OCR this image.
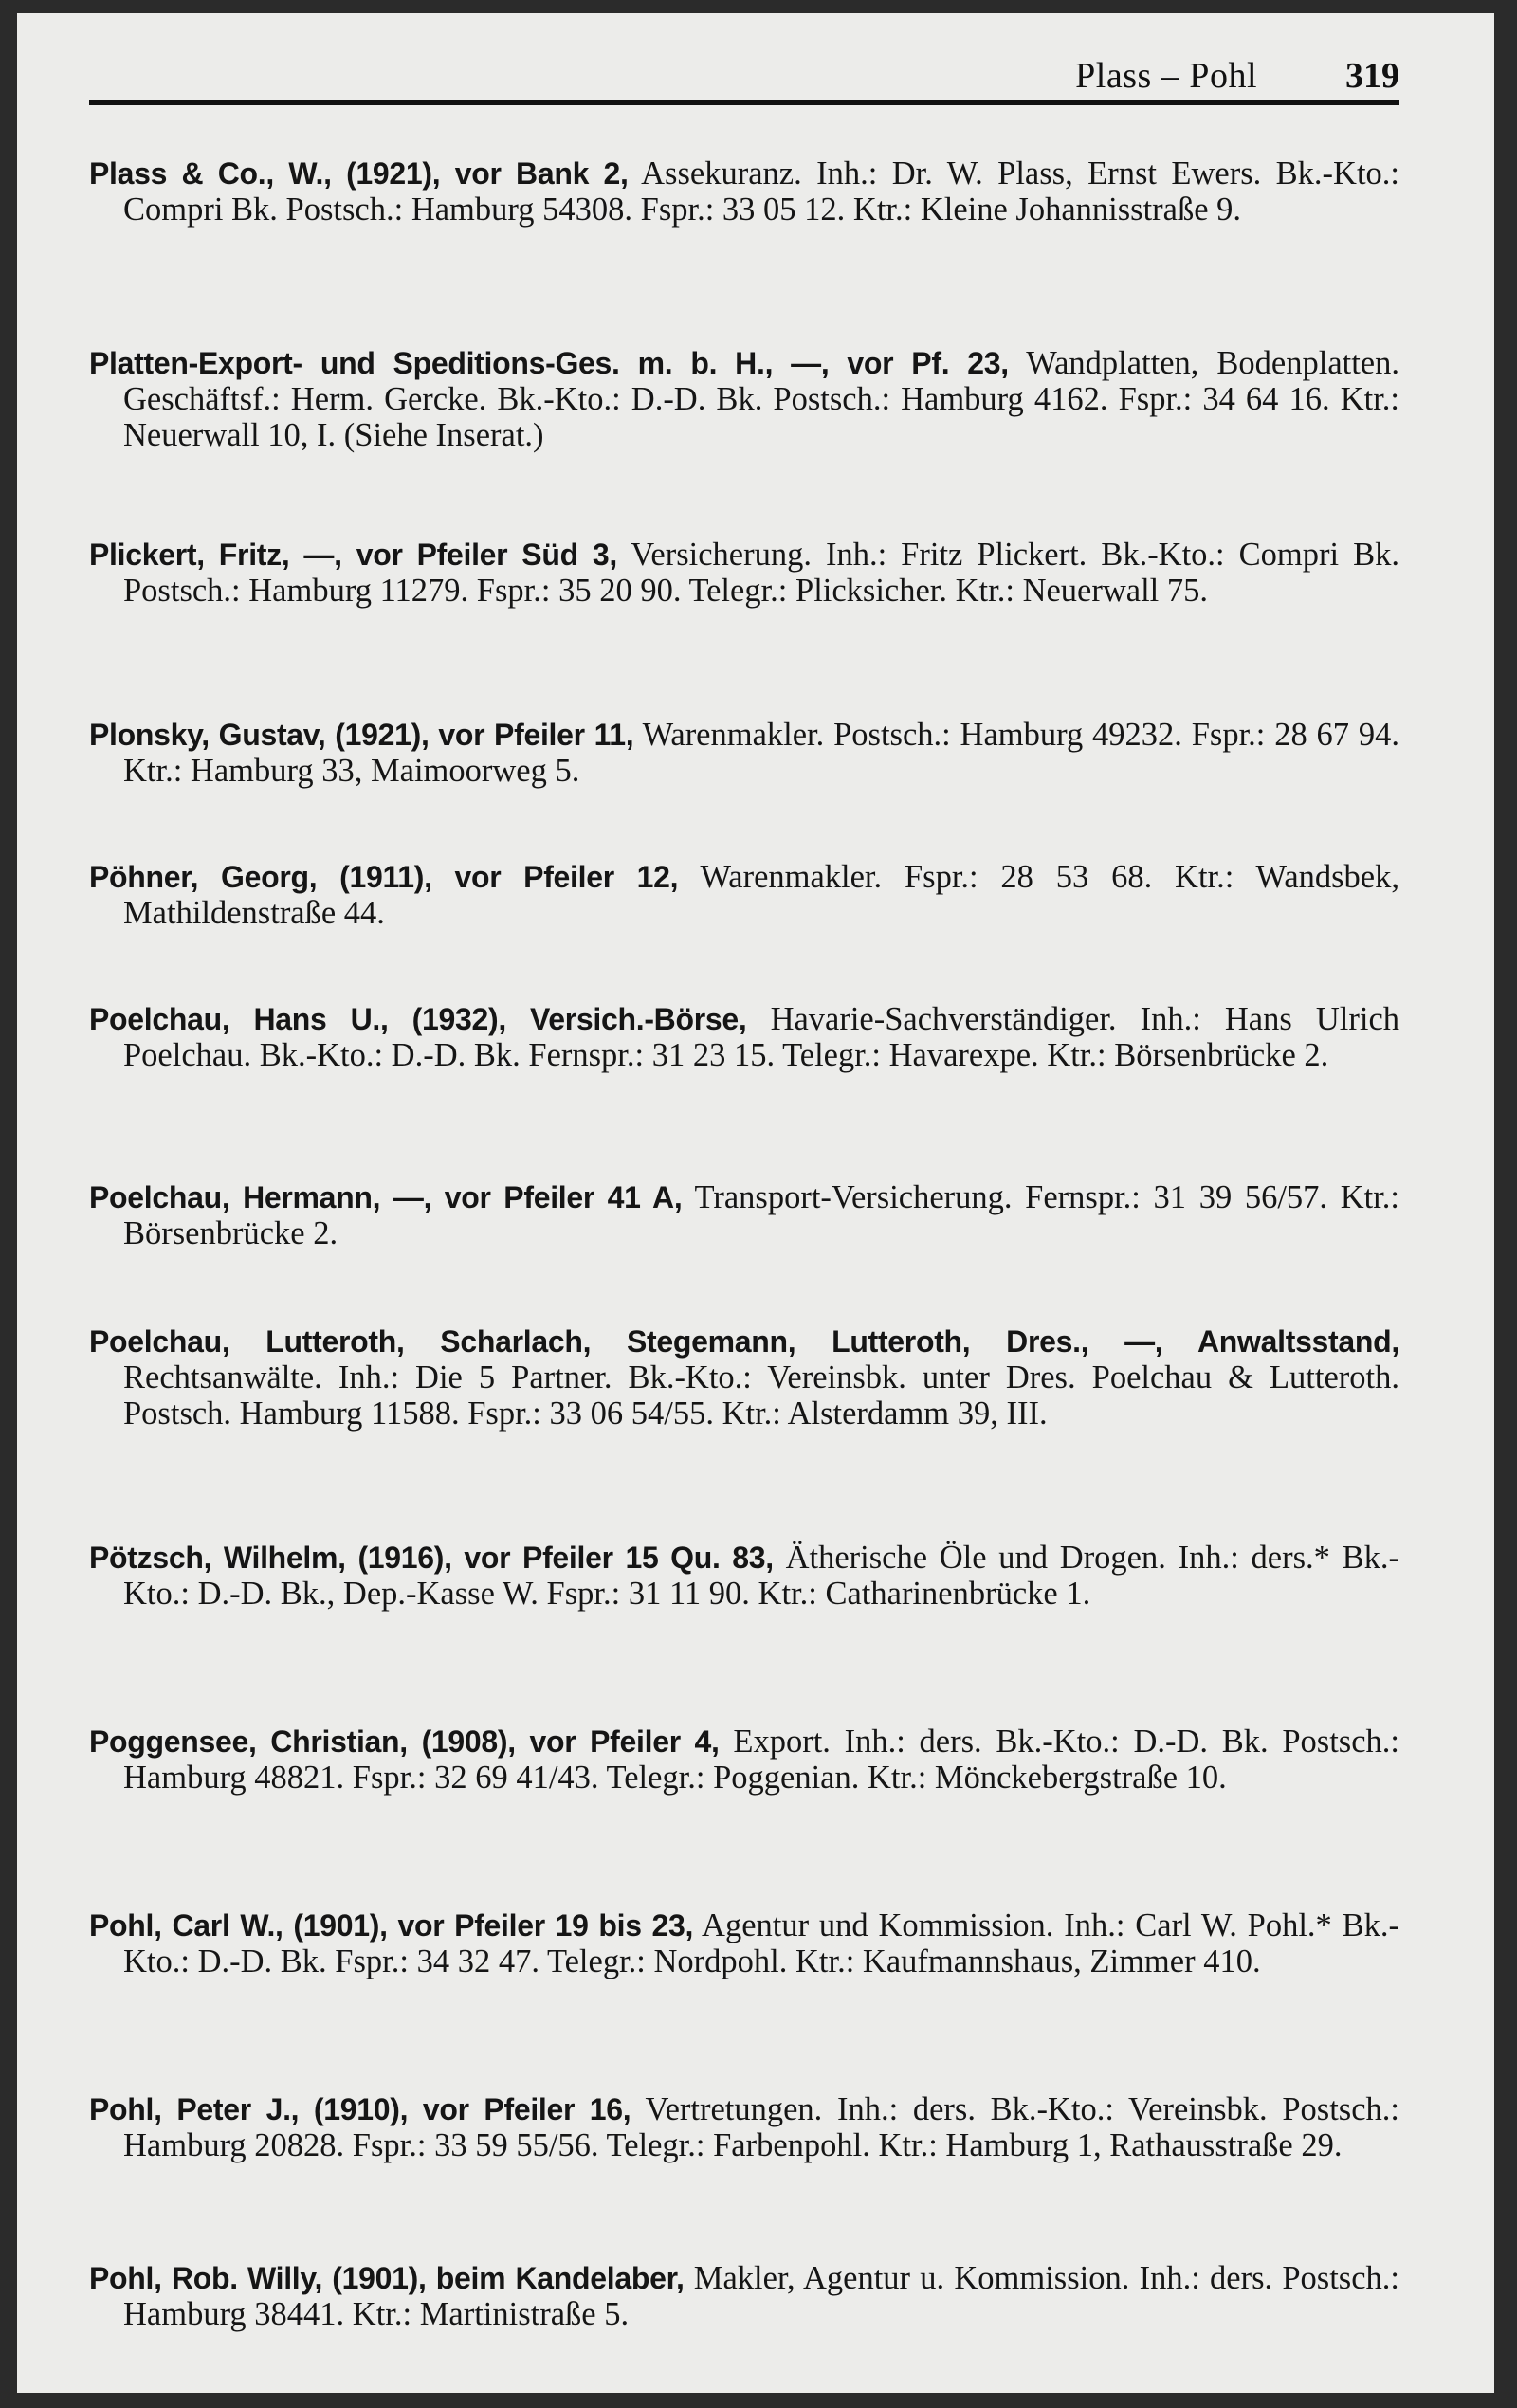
Plass – Pohl 319
Plass & Co., W., (1921), vor Bank 2, Assekuranz. Inh.: Dr. W. Plass, Ernst Ewers. Bk.-Kto.: Compri Bk. Postsch.: Hamburg 54308. Fspr.: 33 05 12. Ktr.: Kleine Johannisstraße 9.
Platten-Export- und Speditions-Ges. m. b. H., —, vor Pf. 23, Wandplatten, Bodenplatten. Geschäftsf.: Herm. Gercke. Bk.-Kto.: D.-D. Bk. Postsch.: Hamburg 4162. Fspr.: 34 64 16. Ktr.: Neuerwall 10, I. (Siehe Inserat.)
Plickert, Fritz, —, vor Pfeiler Süd 3, Versicherung. Inh.: Fritz Plickert. Bk.-Kto.: Compri Bk. Postsch.: Hamburg 11279. Fspr.: 35 20 90. Telegr.: Plicksicher. Ktr.: Neuerwall 75.
Plonsky, Gustav, (1921), vor Pfeiler 11, Warenmakler. Postsch.: Hamburg 49232. Fspr.: 28 67 94. Ktr.: Hamburg 33, Maimoorweg 5.
Pöhner, Georg, (1911), vor Pfeiler 12, Warenmakler. Fspr.: 28 53 68. Ktr.: Wandsbek, Mathildenstraße 44.
Poelchau, Hans U., (1932), Versich.-Börse, Havarie-Sachverständiger. Inh.: Hans Ulrich Poelchau. Bk.-Kto.: D.-D. Bk. Fernspr.: 31 23 15. Telegr.: Havarexpe. Ktr.: Börsenbrücke 2.
Poelchau, Hermann, —, vor Pfeiler 41 A, Transport-Versicherung. Fernspr.: 31 39 56/57. Ktr.: Börsenbrücke 2.
Poelchau, Lutteroth, Scharlach, Stegemann, Lutteroth, Dres., —, Anwaltsstand, Rechtsanwälte. Inh.: Die 5 Partner. Bk.-Kto.: Vereinsbk. unter Dres. Poelchau & Lutteroth. Postsch. Hamburg 11588. Fspr.: 33 06 54/55. Ktr.: Alsterdamm 39, III.
Pötzsch, Wilhelm, (1916), vor Pfeiler 15 Qu. 83, Ätherische Öle und Drogen. Inh.: ders.* Bk.-Kto.: D.-D. Bk., Dep.-Kasse W. Fspr.: 31 11 90. Ktr.: Catharinenbrücke 1.
Poggensee, Christian, (1908), vor Pfeiler 4, Export. Inh.: ders. Bk.-Kto.: D.-D. Bk. Postsch.: Hamburg 48821. Fspr.: 32 69 41/43. Telegr.: Poggenian. Ktr.: Mönckebergstraße 10.
Pohl, Carl W., (1901), vor Pfeiler 19 bis 23, Agentur und Kommission. Inh.: Carl W. Pohl.* Bk.-Kto.: D.-D. Bk. Fspr.: 34 32 47. Telegr.: Nordpohl. Ktr.: Kaufmannshaus, Zimmer 410.
Pohl, Peter J., (1910), vor Pfeiler 16, Vertretungen. Inh.: ders. Bk.-Kto.: Vereinsbk. Postsch.: Hamburg 20828. Fspr.: 33 59 55/56. Telegr.: Farbenpohl. Ktr.: Hamburg 1, Rathausstraße 29.
Pohl, Rob. Willy, (1901), beim Kandelaber, Makler, Agentur u. Kommission. Inh.: ders. Postsch.: Hamburg 38441. Ktr.: Martinistraße 5.
